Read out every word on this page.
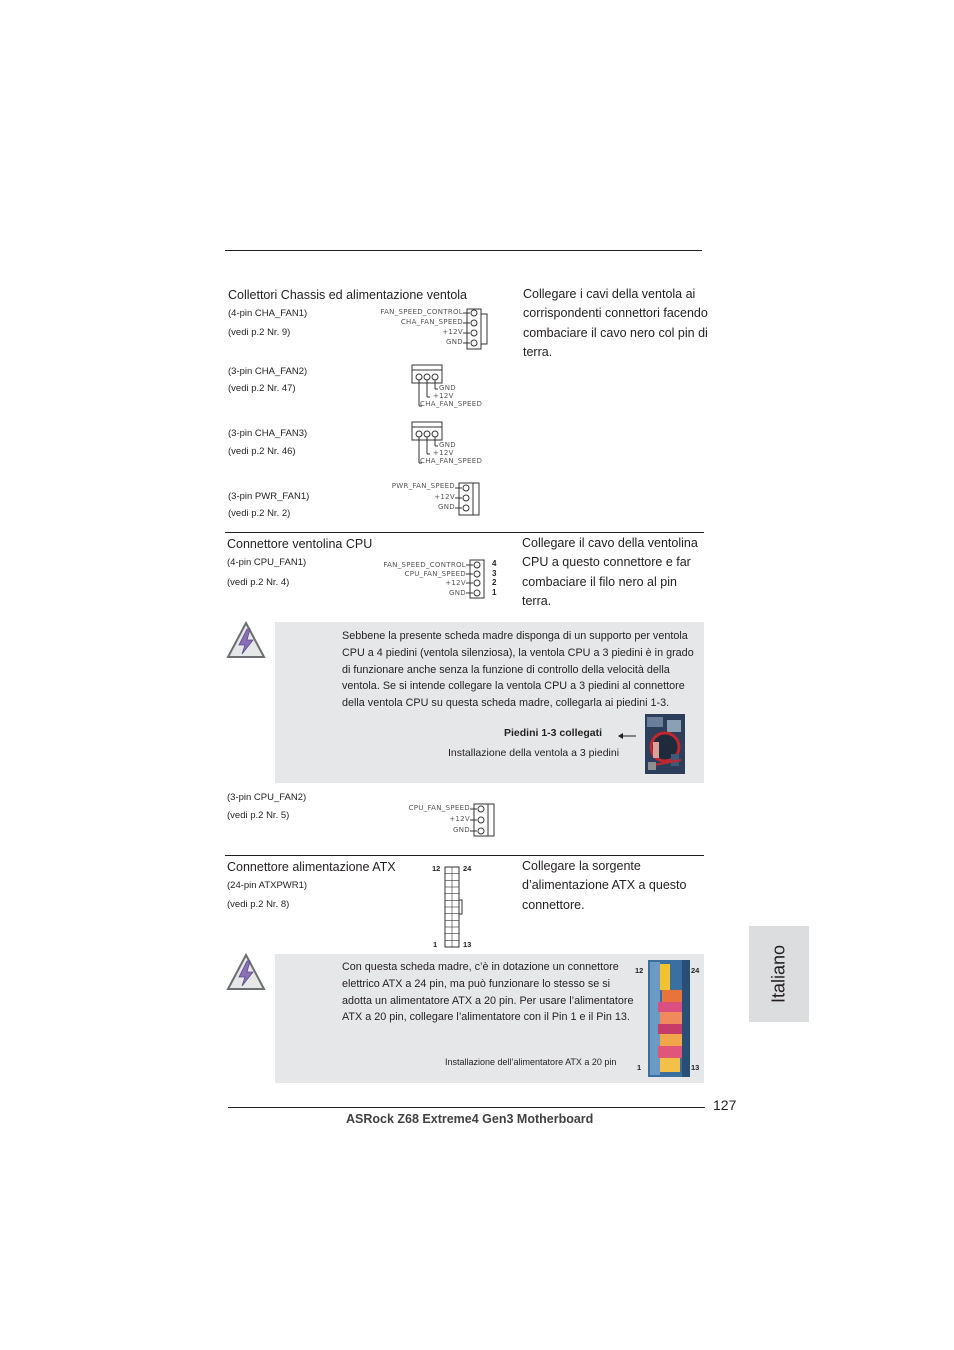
Collettori Chassis ed alimentazione ventola	Collegare i cavi della ventola ai corrispondenti connettori facendo combaciare il cavo nero col pin di terra.
(4-pin CHA_FAN1)
(vedi p.2 Nr. 9)
FAN_SPEED_CONTROL
CHA_FAN_SPEED
+12V
GND
(3-pin CHA_FAN2)
(vedi p.2 Nr. 47)	GND
+12V
CHA_FAN_SPEED
(3-pin CHA_FAN3)
(vedi p.2 Nr. 46)
GND
+12V
CHA_FAN_SPEED
(3-pin PWR_FAN1)
(vedi p.2 Nr. 2)
PWR_FAN_SPEED
+12V
GND
Connettore ventolina CPU	Collegare il cavo della ventolina CPU a questo connettore e far combaciare il filo nero al pin terra.
(4-pin CPU_FAN1)
(vedi p.2 Nr. 4)
FAN_SPEED_CONTROL
CPU_FAN_SPEED
+12V
GND
4
3
2
1
Sebbene la presente scheda madre disponga di un supporto per ventola CPU a 4 piedini (ventola silenziosa), la ventola CPU a 3 piedini è in grado di funzionare anche senza la funzione di controllo della velocità della ventola. Se si intende collegare la ventola CPU a 3 piedini al connettore della ventola CPU su questa scheda madre, collegarla ai piedini 1-3.
Piedini 1-3 collegati
Installazione della ventola a 3 piedini
(3-pin CPU_FAN2)
(vedi p.2 Nr. 5)
CPU_FAN_SPEED
+12V
GND
Connettore alimentazione ATX	Collegare la sorgente d’alimentazione ATX a questo connettore.
(24-pin ATXPWR1)
(vedi p.2 Nr. 8)
12	24
1	13
Con questa scheda madre, c’è in dotazione un connettore elettrico ATX a 24 pin, ma può funzionare lo stesso se si adotta un alimentatore ATX a 20 pin. Per usare l’alimentatore ATX a 20 pin, collegare l’alimentatore con il Pin 1 e il Pin 13.
Installazione dell’alimentatore ATX a 20 pin
12	24
1	13
Italiano
127
ASRock Z68 Extreme4 Gen3 Motherboard
